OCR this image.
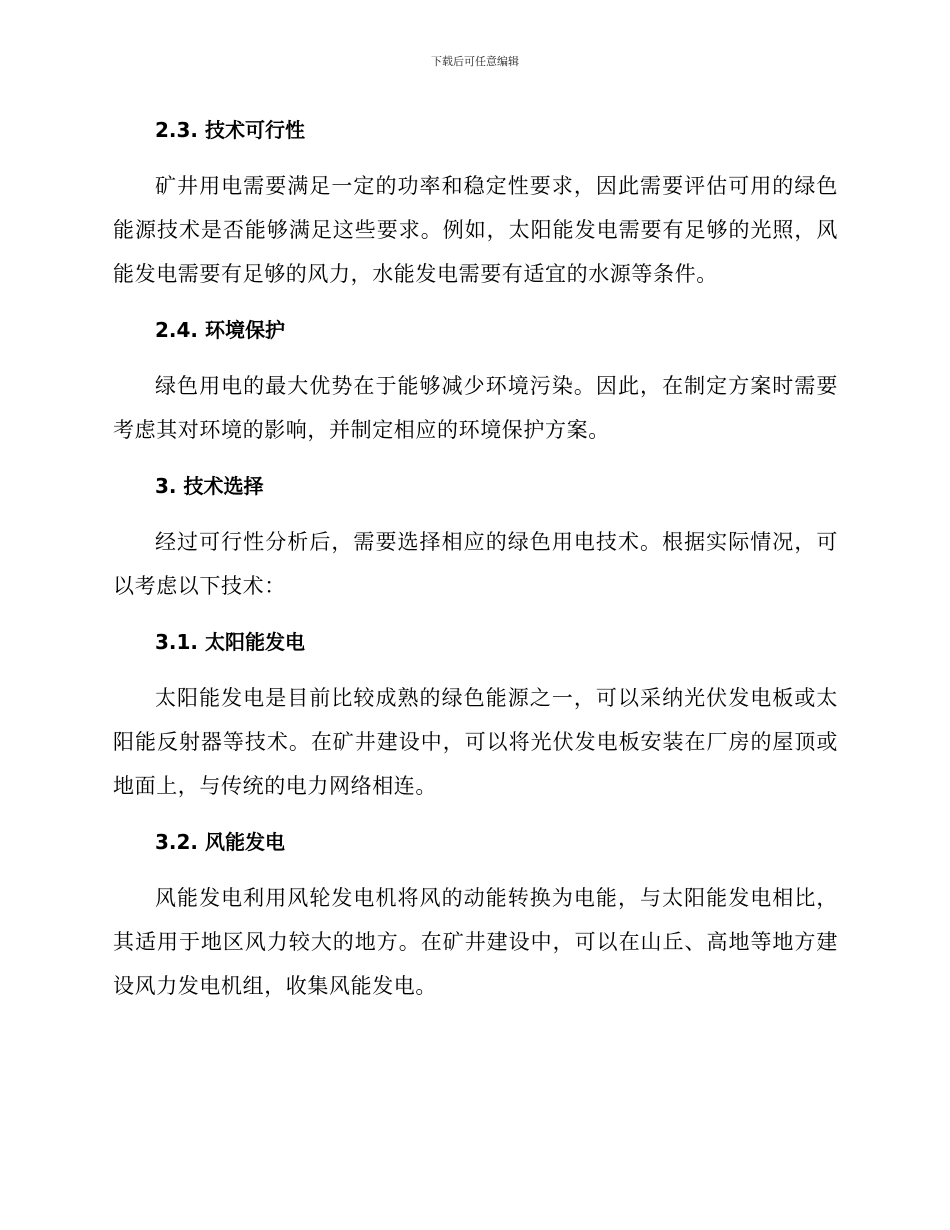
下载后可任意编辑
2.3. 技术可行性

矿井用电需要满足一定的功率和稳定性要求，因此需要评估可用的绿色能源技术是否能够满足这些要求。例如，太阳能发电需要有足够的光照，风能发电需要有足够的风力，水能发电需要有适宜的水源等条件。

2.4. 环境保护

绿色用电的最大优势在于能够减少环境污染。因此，在制定方案时需要考虑其对环境的影响，并制定相应的环境保护方案。

3. 技术选择

经过可行性分析后，需要选择相应的绿色用电技术。根据实际情况，可以考虑以下技术：

3.1. 太阳能发电

太阳能发电是目前比较成熟的绿色能源之一，可以采纳光伏发电板或太阳能反射器等技术。在矿井建设中，可以将光伏发电板安装在厂房的屋顶或地面上，与传统的电力网络相连。

3.2. 风能发电

风能发电利用风轮发电机将风的动能转换为电能，与太阳能发电相比，其适用于地区风力较大的地方。在矿井建设中，可以在山丘、高地等地方建设风力发电机组，收集风能发电。
